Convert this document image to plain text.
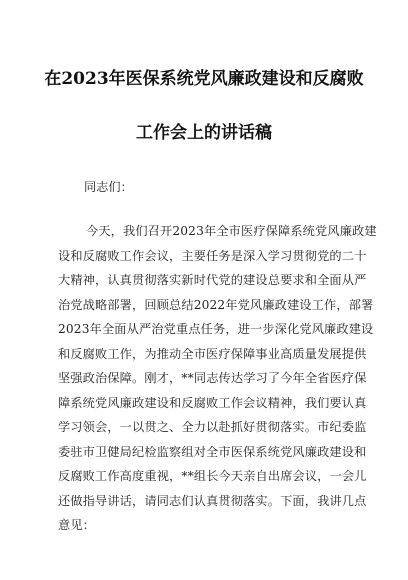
在2023年医保系统党风廉政建设和反腐败
工作会上的讲话稿
同志们：
今天，我们召开2023年全市医疗保障系统党风廉政建
设和反腐败工作会议，主要任务是深入学习贯彻党的二十
大精神，认真贯彻落实新时代党的建设总要求和全面从严
治党战略部署，回顾总结2022年党风廉政建设工作，部署
2023年全面从严治党重点任务，进一步深化党风廉政建设
和反腐败工作，为推动全市医疗保障事业高质量发展提供
坚强政治保障。刚才，**同志传达学习了今年全省医疗保
障系统党风廉政建设和反腐败工作会议精神，我们要认真
学习领会，一以贯之、全力以赴抓好贯彻落实。市纪委监
委驻市卫健局纪检监察组对全市医保系统党风廉政建设和
反腐败工作高度重视，**组长今天亲自出席会议，一会儿
还做指导讲话，请同志们认真贯彻落实。下面，我讲几点
意见：
